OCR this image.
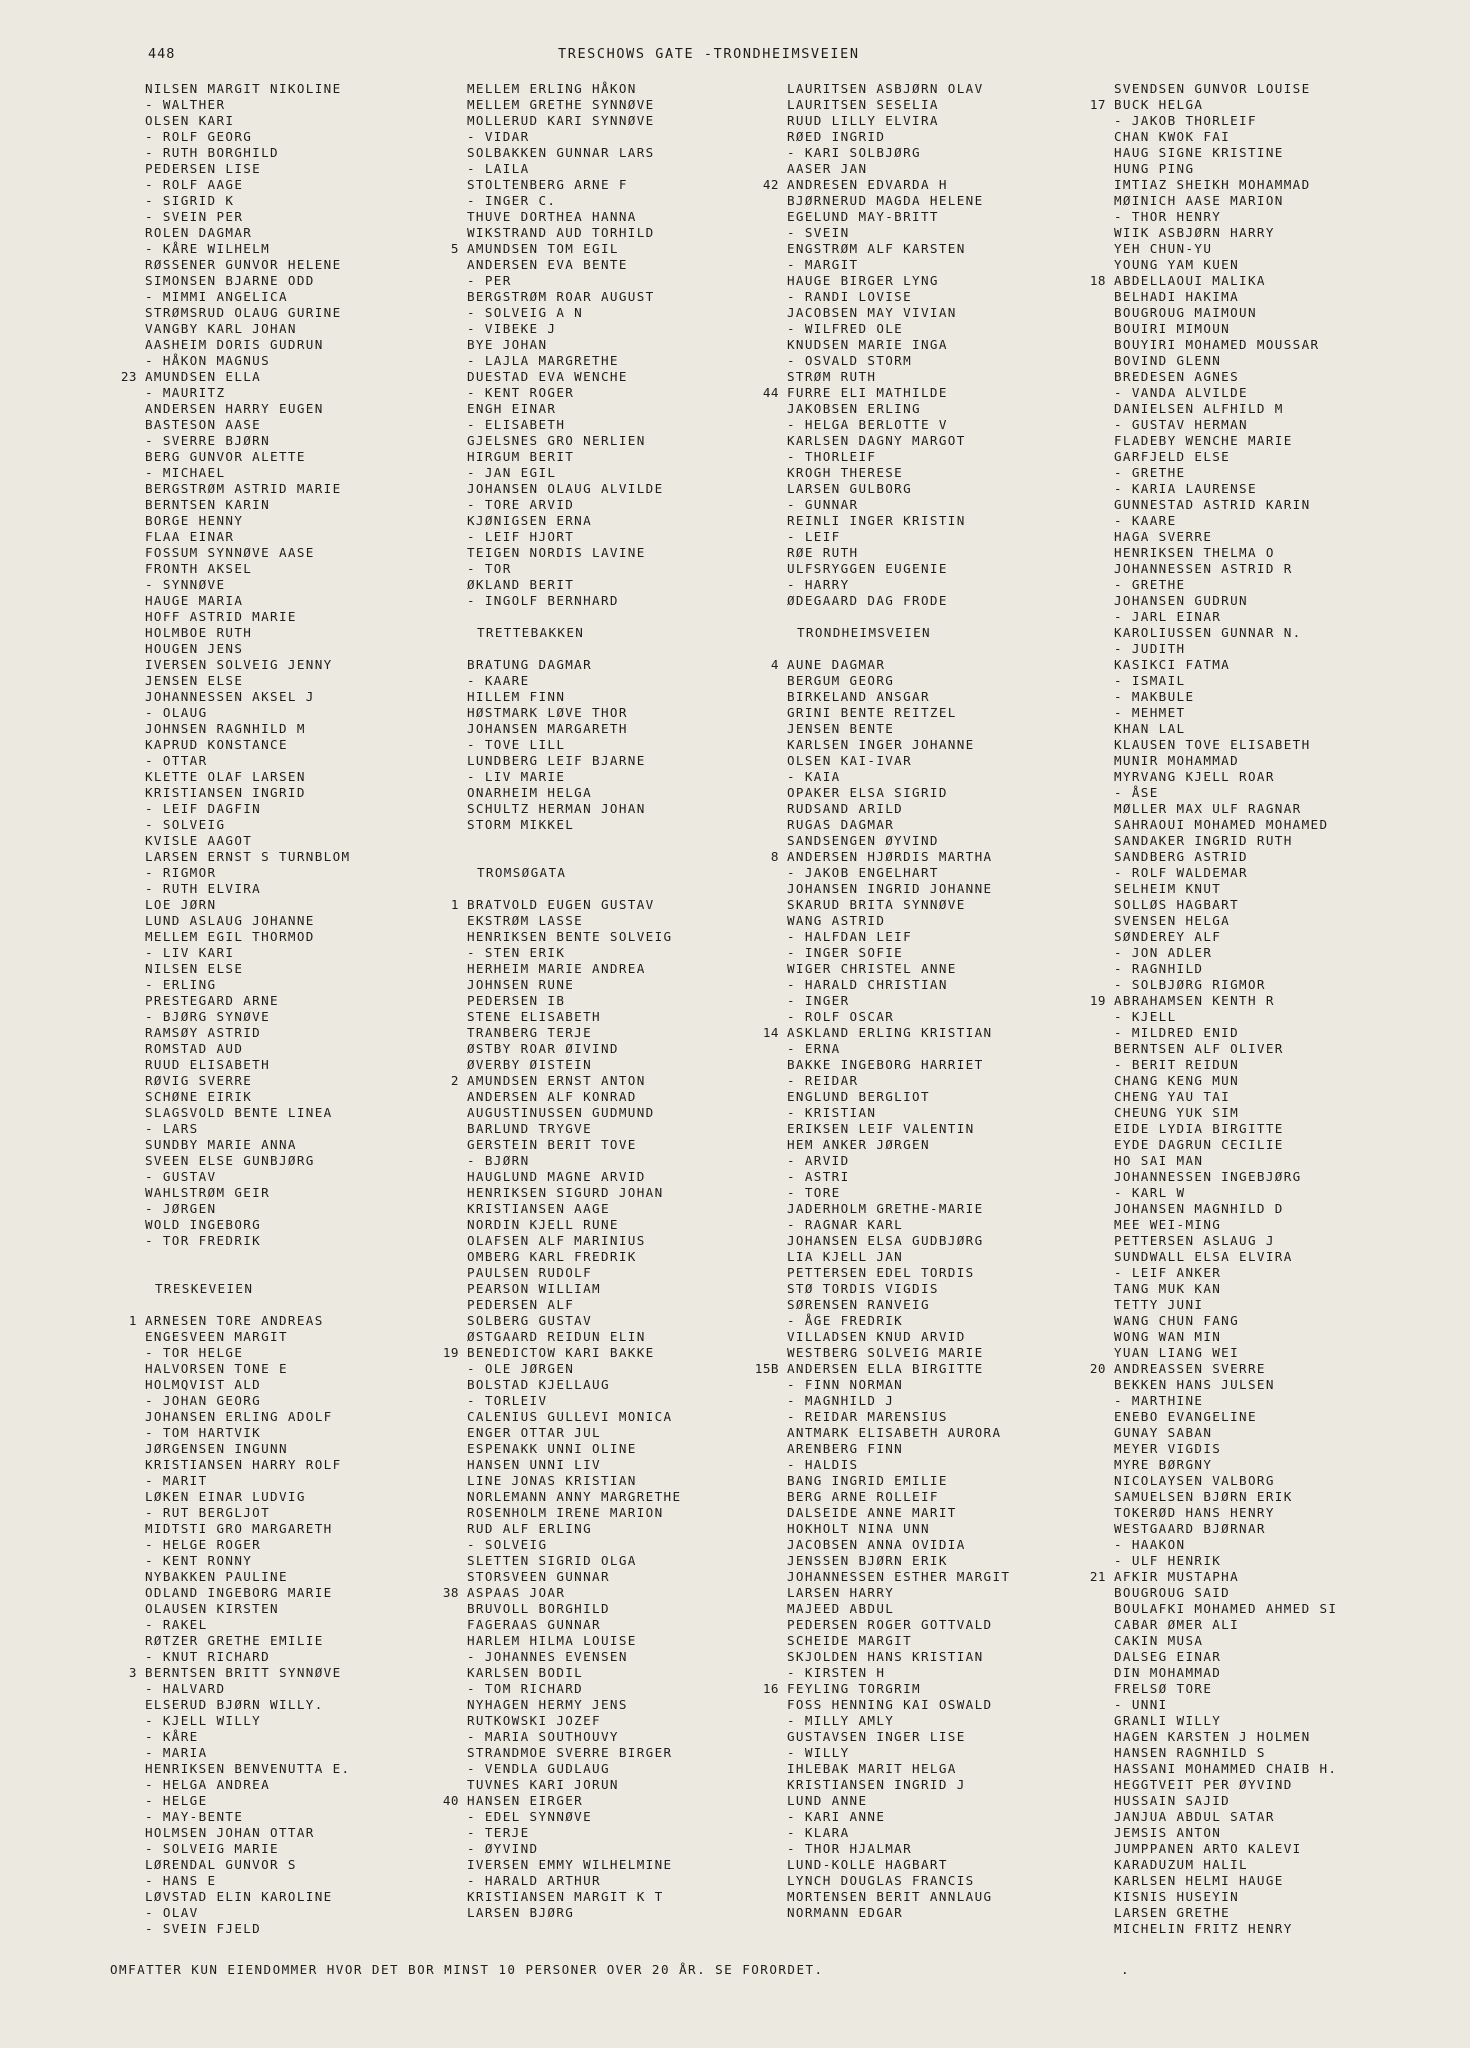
448	TRESCHOWS GATE -TRONDHEIMSVEIEN
NILSEN MARGIT NIKOLINE
- WALTHER
OLSEN KARI
- ROLF GEORG
- RUTH BORGHILD
PEDERSEN LISE
- ROLF AAGE
- SIGRID K
- SVEIN PER
ROLEN DAGMAR
- KÅRE WILHELM
RØSSENER GUNVOR HELENE
SIMONSEN BJARNE ODD
- MIMMI ANGELICA
STRØMSRUD OLAUG GURINE
VANGBY KARL JOHAN
AASHEIM DORIS GUDRUN
- HÅKON MAGNUS
23 AMUNDSEN ELLA
- MAURITZ
ANDERSEN HARRY EUGEN
BASTESON AASE
- SVERRE BJØRN
BERG GUNVOR ALETTE
- MICHAEL
BERGSTRØM ASTRID MARIE
BERNTSEN KARIN
BORGE HENNY
FLAA EINAR
FOSSUM SYNNØVE AASE
FRONTH AKSEL
- SYNNØVE
HAUGE MARIA
HOFF ASTRID MARIE
HOLMBOE RUTH
HOUGEN JENS
IVERSEN SOLVEIG JENNY
JENSEN ELSE
JOHANNESSEN AKSEL J
- OLAUG
JOHNSEN RAGNHILD M
KAPRUD KONSTANCE
- OTTAR
KLETTE OLAF LARSEN
KRISTIANSEN INGRID
- LEIF DAGFIN
- SOLVEIG
KVISLE AAGOT
LARSEN ERNST S TURNBLOM
- RIGMOR
- RUTH ELVIRA
LOE JØRN
LUND ASLAUG JOHANNE
MELLEM EGIL THORMOD
- LIV KARI
NILSEN ELSE
- ERLING
PRESTEGARD ARNE
- BJØRG SYNØVE
RAMSØY ASTRID
ROMSTAD AUD
RUUD ELISABETH
RØVIG SVERRE
SCHØNE EIRIK
SLAGSVOLD BENTE LINEA
- LARS
SUNDBY MARIE ANNA
SVEEN ELSE GUNBJØRG
- GUSTAV
WAHLSTRØM GEIR
- JØRGEN
WOLD INGEBORG
- TOR FREDRIK
TRESKEVEIEN
1 ARNESEN TORE ANDREAS
ENGESVEEN MARGIT
- TOR HELGE
HALVORSEN TONE E
HOLMQVIST ALD
- JOHAN GEORG
JOHANSEN ERLING ADOLF
- TOM HARTVIK
JØRGENSEN INGUNN
KRISTIANSEN HARRY ROLF
- MARIT
LØKEN EINAR LUDVIG
- RUT BERGLJOT
MIDTSTI GRO MARGARETH
- HELGE ROGER
- KENT RONNY
NYBAKKEN PAULINE
ODLAND INGEBORG MARIE
OLAUSEN KIRSTEN
- RAKEL
RØTZER GRETHE EMILIE
- KNUT RICHARD
3 BERNTSEN BRITT SYNNØVE
- HALVARD
ELSERUD BJØRN WILLY.
- KJELL WILLY
- KÅRE
- MARIA
HENRIKSEN BENVENUTTA E.
- HELGA ANDREA
- HELGE
- MAY-BENTE
HOLMSEN JOHAN OTTAR
- SOLVEIG MARIE
LØRENDAL GUNVOR S
- HANS E
LØVSTAD ELIN KAROLINE
- OLAV
- SVEIN FJELD
MELLEM ERLING HÅKON
MELLEM GRETHE SYNNØVE
MOLLERUD KARI SYNNØVE
- VIDAR
SOLBAKKEN GUNNAR LARS
- LAILA
STOLTENBERG ARNE F
- INGER C.
THUVE DORTHEA HANNA
WIKSTRAND AUD TORHILD
5 AMUNDSEN TOM EGIL
ANDERSEN EVA BENTE
- PER
BERGSTRØM ROAR AUGUST
- SOLVEIG A N
- VIBEKE J
BYE JOHAN
- LAJLA MARGRETHE
DUESTAD EVA WENCHE
- KENT ROGER
ENGH EINAR
- ELISABETH
GJELSNES GRO NERLIEN
HIRGUM BERIT
- JAN EGIL
JOHANSEN OLAUG ALVILDE
- TORE ARVID
KJØNIGSEN ERNA
- LEIF HJORT
TEIGEN NORDIS LAVINE
- TOR
ØKLAND BERIT
- INGOLF BERNHARD
TRETTEBAKKEN
BRATUNG DAGMAR
- KAARE
HILLEM FINN
HØSTMARK LØVE THOR
JOHANSEN MARGARETH
- TOVE LILL
LUNDBERG LEIF BJARNE
- LIV MARIE
ONARHEIM HELGA
SCHULTZ HERMAN JOHAN
STORM MIKKEL
TROMSØGATA
1 BRATVOLD EUGEN GUSTAV
EKSTRØM LASSE
HENRIKSEN BENTE SOLVEIG
- STEN ERIK
HERHEIM MARIE ANDREA
JOHNSEN RUNE
PEDERSEN IB
STENE ELISABETH
TRANBERG TERJE
ØSTBY ROAR ØIVIND
ØVERBY ØISTEIN
2 AMUNDSEN ERNST ANTON
ANDERSEN ALF KONRAD
AUGUSTINUSSEN GUDMUND
BARLUND TRYGVE
GERSTEIN BERIT TOVE
- BJØRN
HAUGLUND MAGNE ARVID
HENRIKSEN SIGURD JOHAN
KRISTIANSEN AAGE
NORDIN KJELL RUNE
OLAFSEN ALF MARINIUS
OMBERG KARL FREDRIK
PAULSEN RUDOLF
PEARSON WILLIAM
PEDERSEN ALF
SOLBERG GUSTAV
ØSTGAARD REIDUN ELIN
19 BENEDICTOW KARI BAKKE
- OLE JØRGEN
BOLSTAD KJELLAUG
- TORLEIV
CALENIUS GULLEVI MONICA
ENGER OTTAR JUL
ESPENAKK UNNI OLINE
HANSEN UNNI LIV
LINE JONAS KRISTIAN
NORLEMANN ANNY MARGRETHE
ROSENHOLM IRENE MARION
RUD ALF ERLING
- SOLVEIG
SLETTEN SIGRID OLGA
STORSVEEN GUNNAR
38 ASPAAS JOAR
BRUVOLL BORGHILD
FAGERAAS GUNNAR
HARLEM HILMA LOUISE
- JOHANNES EVENSEN
KARLSEN BODIL
- TOM RICHARD
NYHAGEN HERMY JENS
RUTKOWSKI JOZEF
- MARIA SOUTHOUVY
STRANDMOE SVERRE BIRGER
- VENDLA GUDLAUG
TUVNES KARI JORUN
40 HANSEN EIRGER
- EDEL SYNNØVE
- TERJE
- ØYVIND
IVERSEN EMMY WILHELMINE
- HARALD ARTHUR
KRISTIANSEN MARGIT K T
LARSEN BJØRG
LAURITSEN ASBJØRN OLAV
LAURITSEN SESELIA
RUUD LILLY ELVIRA
RØED INGRID
- KARI SOLBJØRG
AASER JAN
42 ANDRESEN EDVARDA H
BJØRNERUD MAGDA HELENE
EGELUND MAY-BRITT
- SVEIN
ENGSTRØM ALF KARSTEN
- MARGIT
HAUGE BIRGER LYNG
- RANDI LOVISE
JACOBSEN MAY VIVIAN
- WILFRED OLE
KNUDSEN MARIE INGA
- OSVALD STORM
STRØM RUTH
44 FURRE ELI MATHILDE
JAKOBSEN ERLING
- HELGA BERLOTTE V
KARLSEN DAGNY MARGOT
- THORLEIF
KROGH THERESE
LARSEN GULBORG
- GUNNAR
REINLI INGER KRISTIN
- LEIF
RØE RUTH
ULFSRYGGEN EUGENIE
- HARRY
ØDEGAARD DAG FRODE
TRONDHEIMSVEIEN
4 AUNE DAGMAR
BERGUM GEORG
BIRKELAND ANSGAR
GRINI BENTE REITZEL
JENSEN BENTE
KARLSEN INGER JOHANNE
OLSEN KAI-IVAR
- KAIA
OPAKER ELSA SIGRID
RUDSAND ARILD
RUGAS DAGMAR
SANDSENGEN ØYVIND
8 ANDERSEN HJØRDIS MARTHA
- JAKOB ENGELHART
JOHANSEN INGRID JOHANNE
SKARUD BRITA SYNNØVE
WANG ASTRID
- HALFDAN LEIF
- INGER SOFIE
WIGER CHRISTEL ANNE
- HARALD CHRISTIAN
- INGER
- ROLF OSCAR
14 ASKLAND ERLING KRISTIAN
- ERNA
BAKKE INGEBORG HARRIET
- REIDAR
ENGLUND BERGLIOT
- KRISTIAN
ERIKSEN LEIF VALENTIN
HEM ANKER JØRGEN
- ARVID
- ASTRI
- TORE
JADERHOLM GRETHE-MARIE
- RAGNAR KARL
JOHANSEN ELSA GUDBJØRG
LIA KJELL JAN
PETTERSEN EDEL TORDIS
STØ TORDIS VIGDIS
SØRENSEN RANVEIG
- ÅGE FREDRIK
VILLADSEN KNUD ARVID
WESTBERG SOLVEIG MARIE
15B ANDERSEN ELLA BIRGITTE
- FINN NORMAN
- MAGNHILD J
- REIDAR MARENSIUS
ANTMARK ELISABETH AURORA
ARENBERG FINN
- HALDIS
BANG INGRID EMILIE
BERG ARNE ROLLEIF
DALSEIDE ANNE MARIT
HOKHOLT NINA UNN
JACOBSEN ANNA OVIDIA
JENSSEN BJØRN ERIK
JOHANNESSEN ESTHER MARGIT
LARSEN HARRY
MAJEED ABDUL
PEDERSEN ROGER GOTTVALD
SCHEIDE MARGIT
SKJOLDEN HANS KRISTIAN
- KIRSTEN H
16 FEYLING TORGRIM
FOSS HENNING KAI OSWALD
- MILLY AMLY
GUSTAVSEN INGER LISE
- WILLY
IHLEBAK MARIT HELGA
KRISTIANSEN INGRID J
LUND ANNE
- KARI ANNE
- KLARA
- THOR HJALMAR
LUND-KOLLE HAGBART
LYNCH DOUGLAS FRANCIS
MORTENSEN BERIT ANNLAUG
NORMANN EDGAR
SVENDSEN GUNVOR LOUISE
17 BUCK HELGA
- JAKOB THORLEIF
CHAN KWOK FAI
HAUG SIGNE KRISTINE
HUNG PING
IMTIAZ SHEIKH MOHAMMAD
MØINICH AASE MARION
- THOR HENRY
WIIK ASBJØRN HARRY
YEH CHUN-YU
YOUNG YAM KUEN
18 ABDELLAOUI MALIKA
BELHADI HAKIMA
BOUGROUG MAIMOUN
BOUIRI MIMOUN
BOUYIRI MOHAMED MOUSSAR
BOVIND GLENN
BREDESEN AGNES
- VANDA ALVILDE
DANIELSEN ALFHILD M
- GUSTAV HERMAN
FLADEBY WENCHE MARIE
GARFJELD ELSE
- GRETHE
- KARIA LAURENSE
GUNNESTAD ASTRID KARIN
- KAARE
HAGA SVERRE
HENRIKSEN THELMA O
JOHANNESSEN ASTRID R
- GRETHE
JOHANSEN GUDRUN
- JARL EINAR
KAROLIUSSEN GUNNAR N.
- JUDITH
KASIKCI FATMA
- ISMAIL
- MAKBULE
- MEHMET
KHAN LAL
KLAUSEN TOVE ELISABETH
MUNIR MOHAMMAD
MYRVANG KJELL ROAR
- ÅSE
MØLLER MAX ULF RAGNAR
SAHRAOUI MOHAMED MOHAMED
SANDAKER INGRID RUTH
SANDBERG ASTRID
- ROLF WALDEMAR
SELHEIM KNUT
SOLLØS HAGBART
SVENSEN HELGA
SØNDEREY ALF
- JON ADLER
- RAGNHILD
- SOLBJØRG RIGMOR
19 ABRAHAMSEN KENTH R
- KJELL
- MILDRED ENID
BERNTSEN ALF OLIVER
- BERIT REIDUN
CHANG KENG MUN
CHENG YAU TAI
CHEUNG YUK SIM
EIDE LYDIA BIRGITTE
EYDE DAGRUN CECILIE
HO SAI MAN
JOHANNESSEN INGEBJØRG
- KARL W
JOHANSEN MAGNHILD D
MEE WEI-MING
PETTERSEN ASLAUG J
SUNDWALL ELSA ELVIRA
- LEIF ANKER
TANG MUK KAN
TETTY JUNI
WANG CHUN FANG
WONG WAN MIN
YUAN LIANG WEI
20 ANDREASSEN SVERRE
BEKKEN HANS JULSEN
- MARTHINE
ENEBO EVANGELINE
GUNAY SABAN
MEYER VIGDIS
MYRE BØRGNY
NICOLAYSEN VALBORG
SAMUELSEN BJØRN ERIK
TOKERØD HANS HENRY
WESTGAARD BJØRNAR
- HAAKON
- ULF HENRIK
21 AFKIR MUSTAPHA
BOUGROUG SAID
BOULAFKI MOHAMED AHMED SI
CABAR ØMER ALI
CAKIN MUSA
DALSEG EINAR
DIN MOHAMMAD
FRELSØ TORE
- UNNI
GRANLI WILLY
HAGEN KARSTEN J HOLMEN
HANSEN RAGNHILD S
HASSANI MOHAMMED CHAIB H.
HEGGTVEIT PER ØYVIND
HUSSAIN SAJID
JANJUA ABDUL SATAR
JEMSIS ANTON
JUMPPANEN ARTO KALEVI
KARADUZUM HALIL
KARLSEN HELMI HAUGE
KISNIS HUSEYIN
LARSEN GRETHE
MICHELIN FRITZ HENRY
OMFATTER KUN EIENDOMMER HVOR DET BOR MINST 10 PERSONER OVER 20 ÅR. SE FORORDET.	.
